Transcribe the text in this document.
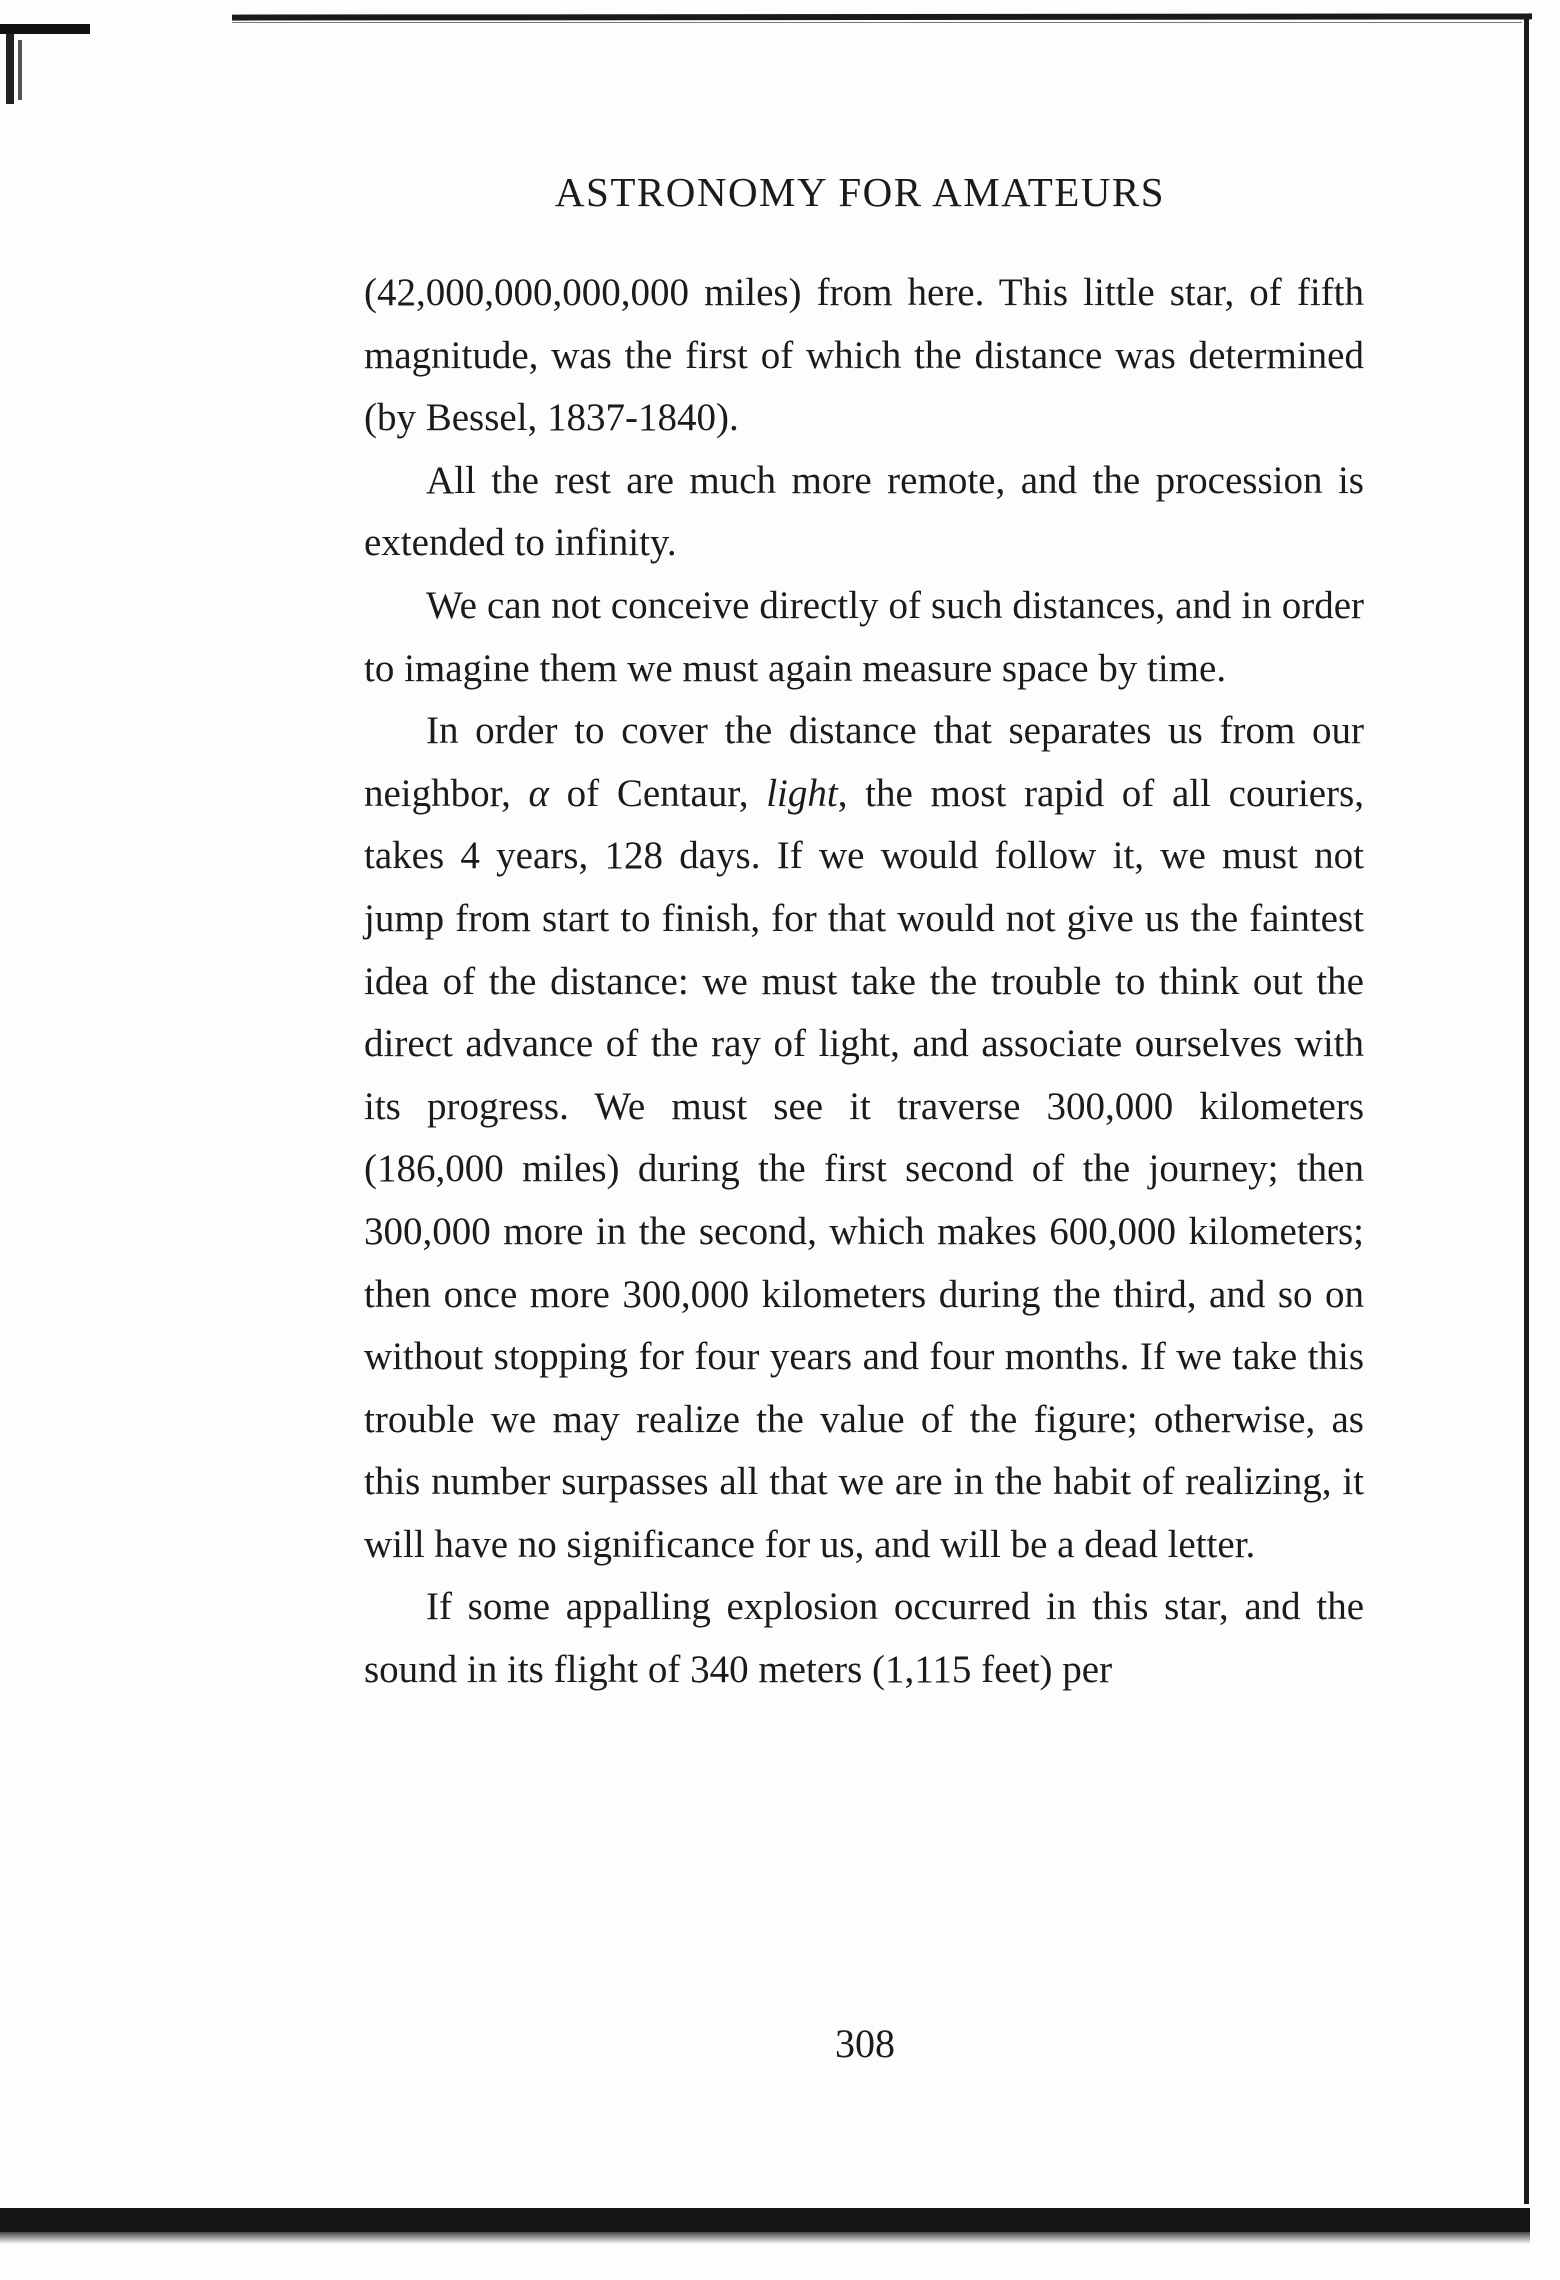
ASTRONOMY FOR AMATEURS

(42,000,000,000,000 miles) from here. This little star, of fifth magnitude, was the first of which the distance was determined (by Bessel, 1837-1840).

All the rest are much more remote, and the procession is extended to infinity.

We can not conceive directly of such distances, and in order to imagine them we must again measure space by time.

In order to cover the distance that separates us from our neighbor, α of Centaur, light, the most rapid of all couriers, takes 4 years, 128 days. If we would follow it, we must not jump from start to finish, for that would not give us the faintest idea of the distance: we must take the trouble to think out the direct advance of the ray of light, and associate ourselves with its progress. We must see it traverse 300,000 kilometers (186,000 miles) during the first second of the journey; then 300,000 more in the second, which makes 600,000 kilometers; then once more 300,000 kilometers during the third, and so on without stopping for four years and four months. If we take this trouble we may realize the value of the figure; otherwise, as this number surpasses all that we are in the habit of realizing, it will have no significance for us, and will be a dead letter.

If some appalling explosion occurred in this star, and the sound in its flight of 340 meters (1,115 feet) per

308
